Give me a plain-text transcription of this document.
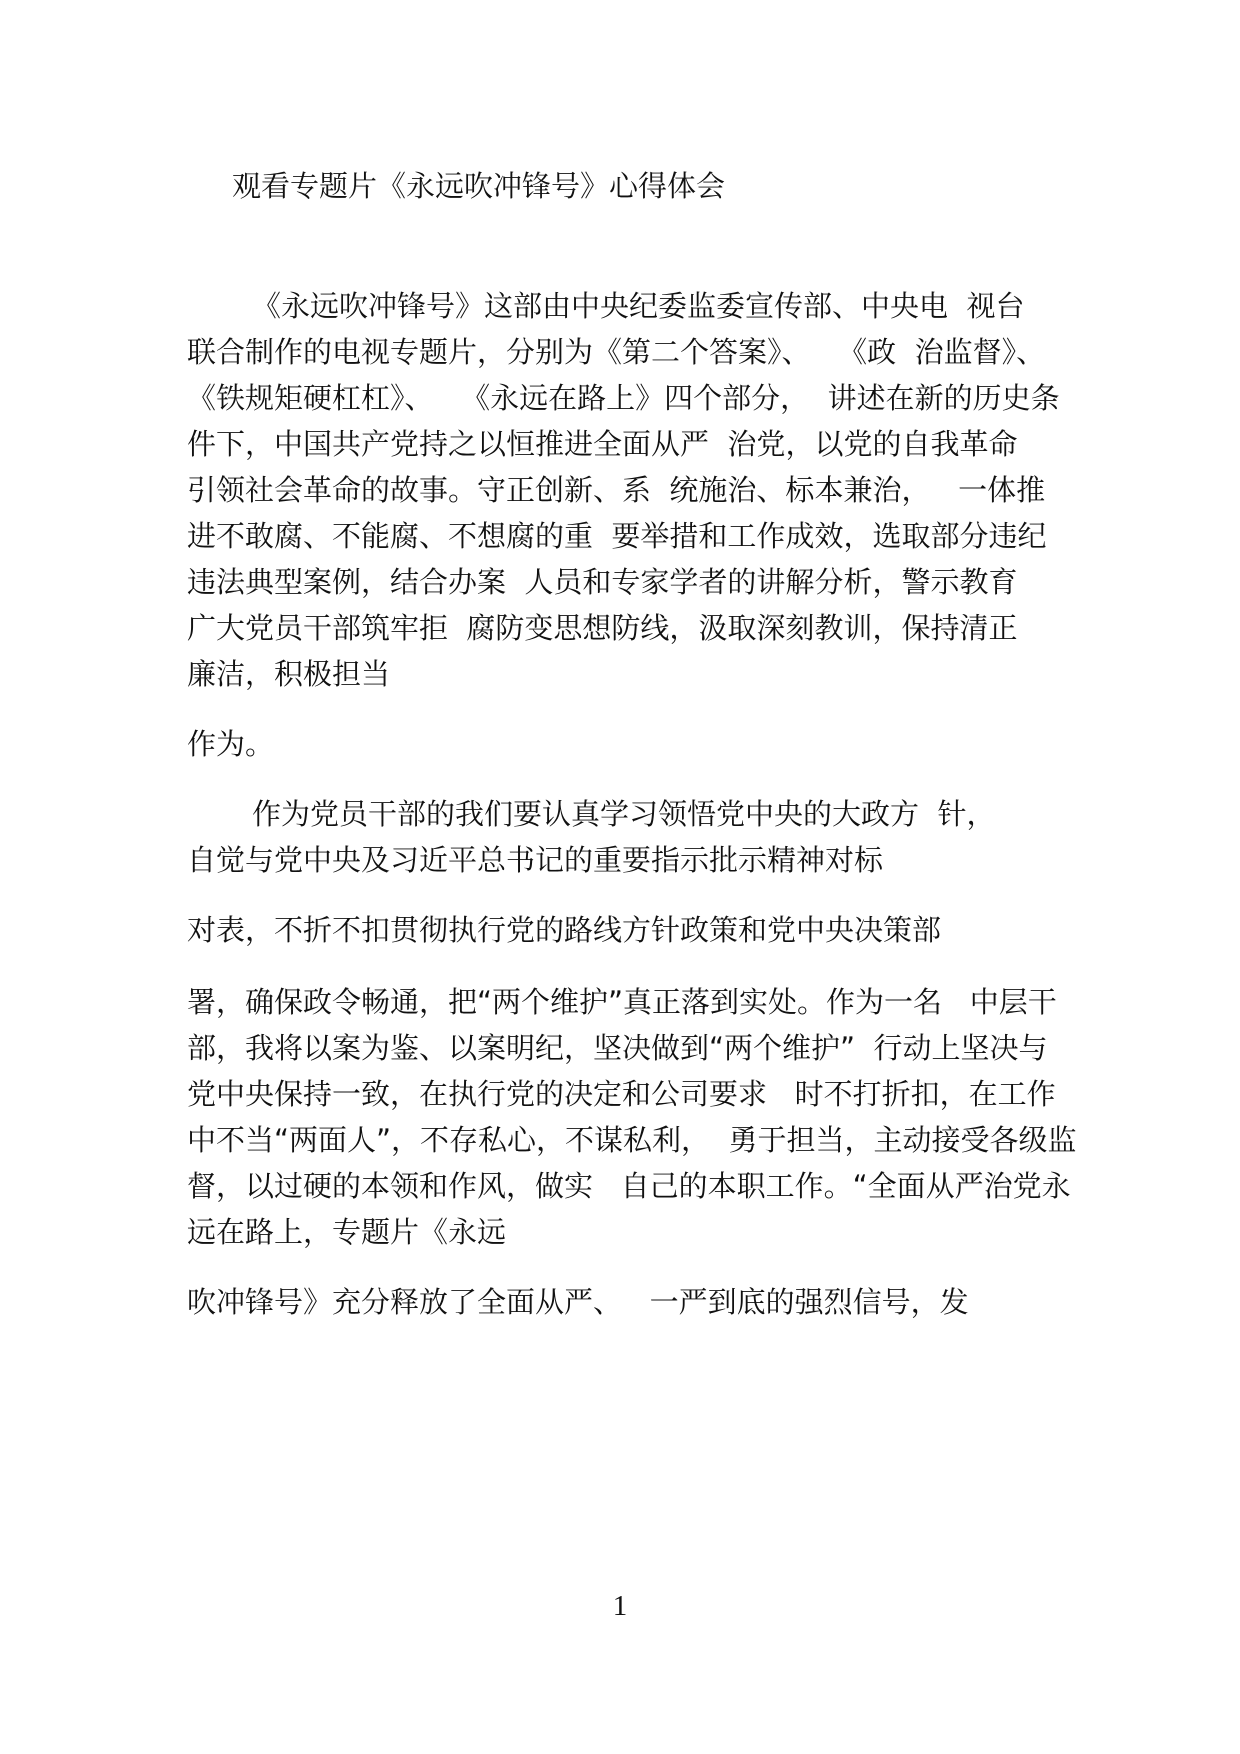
观看专题片《永远吹冲锋号》心得体会
《永远吹冲锋号》这部由中央纪委监委宣传部、中央电  视台
联合制作的电视专题片，分别为《第二个答案》、   《政  治监督》、
《铁规矩硬杠杠》、   《永远在路上》四个部分，  讲述在新的历史条
件下，中国共产党持之以恒推进全面从严  治党，以党的自我革命
引领社会革命的故事。守正创新、系  统施治、标本兼治，   一体推
进不敢腐、不能腐、不想腐的重  要举措和工作成效，选取部分违纪
违法典型案例，结合办案  人员和专家学者的讲解分析，警示教育
广大党员干部筑牢拒  腐防变思想防线，汲取深刻教训，保持清正
廉洁，积极担当
作为。
作为党员干部的我们要认真学习领悟党中央的大政方  针，
自觉与党中央及习近平总书记的重要指示批示精神对标
对表，不折不扣贯彻执行党的路线方针政策和党中央决策部
署，确保政令畅通，把“两个维护”真正落到实处。作为一名   中层干
部，我将以案为鉴、以案明纪，坚决做到“两个维护”  行动上坚决与
党中央保持一致，在执行党的决定和公司要求   时不打折扣，在工作
中不当“两面人”，不存私心，不谋私利，  勇于担当，主动接受各级监
督，以过硬的本领和作风，做实   自己的本职工作。“全面从严治党永
远在路上，专题片《永远
吹冲锋号》充分释放了全面从严、   一严到底的强烈信号，发
1
